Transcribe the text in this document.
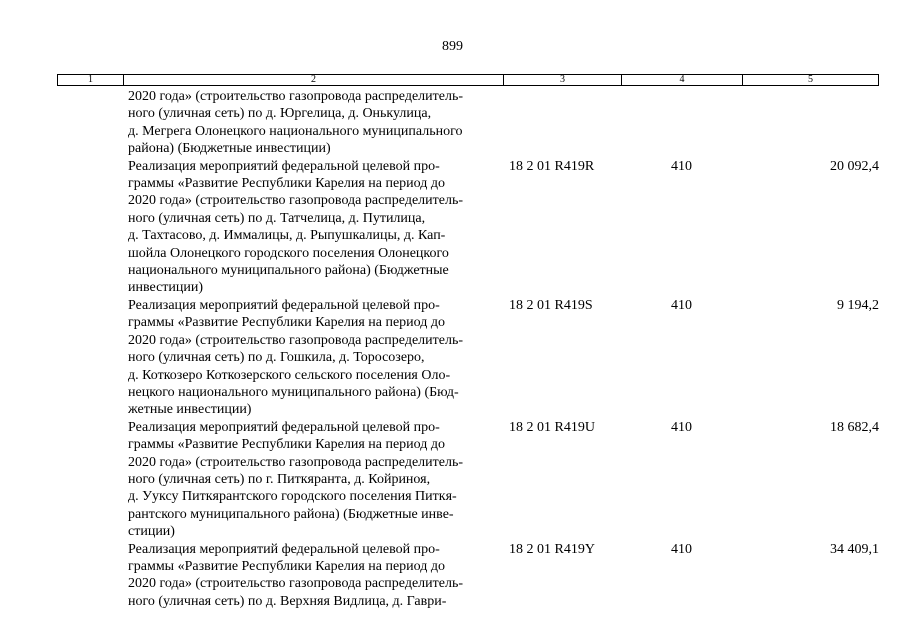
899
1	2	3	4	5
2020 года» (строительство газопровода распределитель-
ного (уличная сеть) по д. Юргелица, д. Онькулица,
д. Мегрега Олонецкого национального муниципального
района) (Бюджетные инвестиции)
Реализация мероприятий федеральной целевой про-
граммы «Развитие Республики Карелия на период до
2020 года» (строительство газопровода распределитель-
ного (уличная сеть) по д. Татчелица, д. Путилица,
д. Тахтасово, д. Иммалицы, д. Рыпушкалицы, д. Кап-
шойла Олонецкого городского поселения Олонецкого
национального муниципального района) (Бюджетные
инвестиции)
18 2 01 R419R	410	20 092,4
Реализация мероприятий федеральной целевой про-
граммы «Развитие Республики Карелия на период до
2020 года» (строительство газопровода распределитель-
ного (уличная сеть) по д. Гошкила, д. Торосозеро,
д. Коткозеро Коткозерского сельского поселения Оло-
нецкого национального муниципального района) (Бюд-
жетные инвестиции)
18 2 01 R419S	410	9 194,2
Реализация мероприятий федеральной целевой про-
граммы «Развитие Республики Карелия на период до
2020 года» (строительство газопровода распределитель-
ного (уличная сеть) по г. Питкяранта, д. Койриноя,
д. Ууксу Питкярантского городского поселения Питкя-
рантского муниципального района) (Бюджетные инве-
стиции)
18 2 01 R419U	410	18 682,4
Реализация мероприятий федеральной целевой про-
граммы «Развитие Республики Карелия на период до
2020 года» (строительство газопровода распределитель-
ного (уличная сеть) по д. Верхняя Видлица, д. Гаври-
18 2 01 R419Y	410	34 409,1
